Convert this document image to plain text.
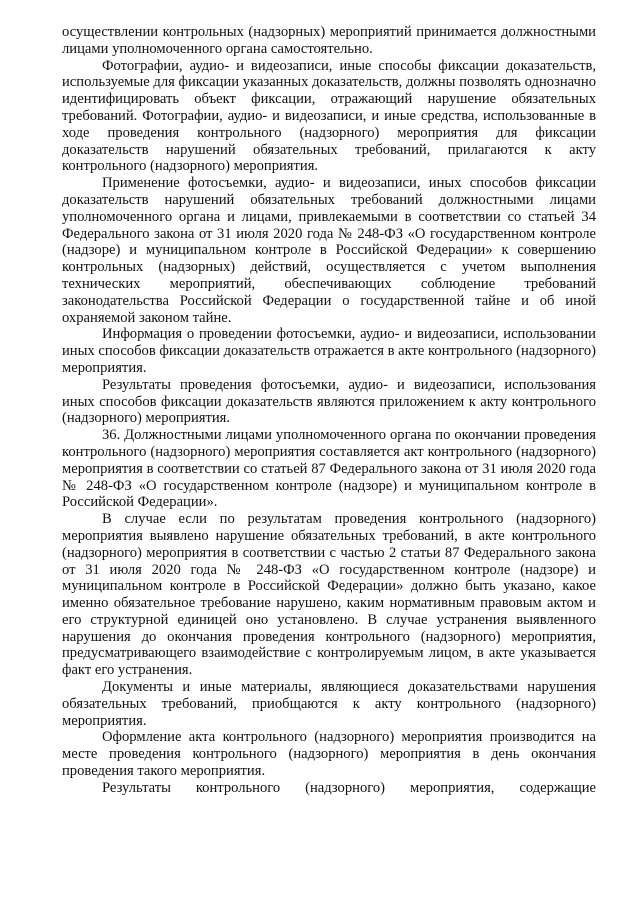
осуществлении контрольных (надзорных) мероприятий принимается должностными лицами уполномоченного органа самостоятельно.

Фотографии, аудио- и видеозаписи, иные способы фиксации доказательств, используемые для фиксации указанных доказательств, должны позволять однозначно идентифицировать объект фиксации, отражающий нарушение обязательных требований. Фотографии, аудио- и видеозаписи, и иные средства, использованные в ходе проведения контрольного (надзорного) мероприятия для фиксации доказательств нарушений обязательных требований, прилагаются к акту контрольного (надзорного) мероприятия.

Применение фотосъемки, аудио- и видеозаписи, иных способов фиксации доказательств нарушений обязательных требований должностными лицами уполномоченного органа и лицами, привлекаемыми в соответствии со статьей 34 Федерального закона от 31 июля 2020 года № 248-ФЗ «О государственном контроле (надзоре) и муниципальном контроле в Российской Федерации» к совершению контрольных (надзорных) действий, осуществляется с учетом выполнения технических мероприятий, обеспечивающих соблюдение требований законодательства Российской Федерации о государственной тайне и об иной охраняемой законом тайне.

Информация о проведении фотосъемки, аудио- и видеозаписи, использовании иных способов фиксации доказательств отражается в акте контрольного (надзорного) мероприятия.

Результаты проведения фотосъемки, аудио- и видеозаписи, использования иных способов фиксации доказательств являются приложением к акту контрольного (надзорного) мероприятия.

36. Должностными лицами уполномоченного органа по окончании проведения контрольного (надзорного) мероприятия составляется акт контрольного (надзорного) мероприятия в соответствии со статьей 87 Федерального закона от 31 июля 2020 года № 248-ФЗ «О государственном контроле (надзоре) и муниципальном контроле в Российской Федерации».

В случае если по результатам проведения контрольного (надзорного) мероприятия выявлено нарушение обязательных требований, в акте контрольного (надзорного) мероприятия в соответствии с частью 2 статьи 87 Федерального закона от 31 июля 2020 года № 248-ФЗ «О государственном контроле (надзоре) и муниципальном контроле в Российской Федерации» должно быть указано, какое именно обязательное требование нарушено, каким нормативным правовым актом и его структурной единицей оно установлено. В случае устранения выявленного нарушения до окончания проведения контрольного (надзорного) мероприятия, предусматривающего взаимодействие с контролируемым лицом, в акте указывается факт его устранения.

Документы и иные материалы, являющиеся доказательствами нарушения обязательных требований, приобщаются к акту контрольного (надзорного) мероприятия.

Оформление акта контрольного (надзорного) мероприятия производится на месте проведения контрольного (надзорного) мероприятия в день окончания проведения такого мероприятия.

Результаты контрольного (надзорного) мероприятия, содержащие
